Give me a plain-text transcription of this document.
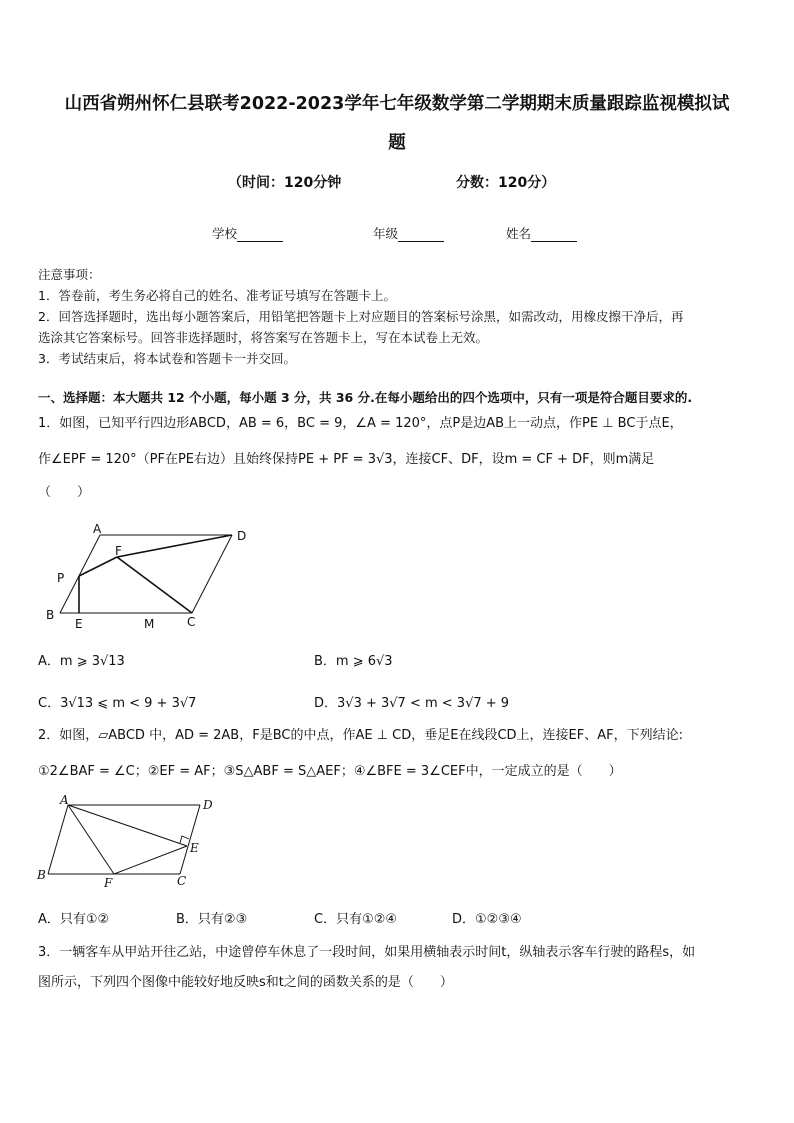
山西省朔州怀仁县联考2022-2023学年七年级数学第二学期期末质量跟踪监视模拟试
题
（时间：120分钟	分数：120分）
学校	年级	姓名

注意事项：

1．答卷前，考生务必将自己的姓名、准考证号填写在答题卡上。

2．回答选择题时，选出每小题答案后，用铅笔把答题卡上对应题目的答案标号涂黑，如需改动，用橡皮擦干净后，再

选涂其它答案标号。回答非选择题时，将答案写在答题卡上，写在本试卷上无效。

3．考试结束后，将本试卷和答题卡一并交回。

一、选择题：本大题共 12 个小题，每小题 3 分，共 36 分.在每小题给出的四个选项中，只有一项是符合题目要求的.

1．如图，已知平行四边形ABCD，AB = 6，BC = 9，∠A = 120°，点P是边AB上一动点，作PE ⊥ BC于点E，

作∠EPF = 120°（PF在PE右边）且始终保持PE + PF = 3√3，连接CF、DF，设m = CF + DF，则m满足

（　　）

A	D
F
P
B
E	M	C
A．m ⩾ 3√13	B．m ⩾ 6√3
C．3√13 ⩽ m < 9 + 3√7	D．3√3 + 3√7 < m < 3√7 + 9

2．如图，▱ABCD 中，AD = 2AB，F是BC的中点，作AE ⊥ CD，垂足E在线段CD上，连接EF、AF，下列结论:

①2∠BAF = ∠C；②EF = AF；③S△ABF = S△AEF；④∠BFE = 3∠CEF中，一定成立的是（　　）

A	D
E
B
F	C
A．只有①②	B．只有②③	C．只有①②④	D．①②③④

3．一辆客车从甲站开往乙站，中途曾停车休息了一段时间，如果用横轴表示时间t，纵轴表示客车行驶的路程s，如

图所示，下列四个图像中能较好地反映s和t之间的函数关系的是（　　）
